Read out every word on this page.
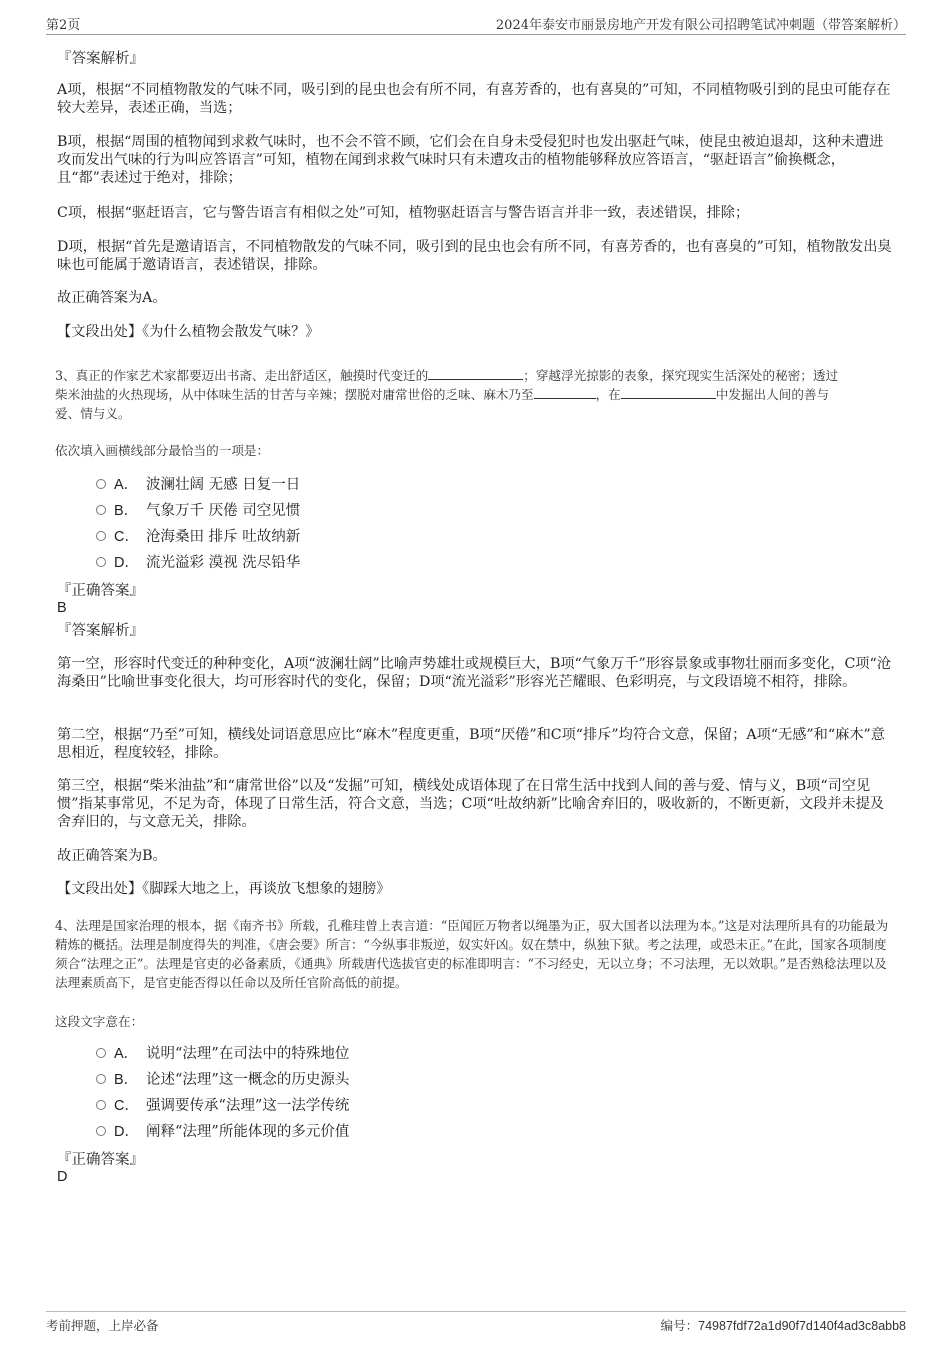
第2页	2024年泰安市丽景房地产开发有限公司招聘笔试冲刺题（带答案解析）

『答案解析』

A项，根据“不同植物散发的气味不同，吸引到的昆虫也会有所不同，有喜芳香的，也有喜臭的”可知，不同植物吸引到的昆虫可能存在较大差异，表述正确，当选；

B项，根据“周围的植物闻到求救气味时，也不会不管不顾，它们会在自身未受侵犯时也发出驱赶气味，使昆虫被迫退却，这种未遭进攻而发出气味的行为叫应答语言”可知，植物在闻到求救气味时只有未遭攻击的植物能够释放应答语言，“驱赶语言”偷换概念，且“都”表述过于绝对，排除；

C项，根据“驱赶语言，它与警告语言有相似之处”可知，植物驱赶语言与警告语言并非一致，表述错误，排除；

D项，根据“首先是邀请语言，不同植物散发的气味不同，吸引到的昆虫也会有所不同，有喜芳香的，也有喜臭的”可知，植物散发出臭味也可能属于邀请语言，表述错误，排除。

故正确答案为A。

【文段出处】《为什么植物会散发气味？》

3、真正的作家艺术家都要迈出书斋、走出舒适区，触摸时代变迁的	；穿越浮光掠影的表象，探究现实生活深处的秘密；透过
柴米油盐的火热现场，从中体味生活的甘苦与辛辣；摆脱对庸常世俗的乏味、麻木乃至	，在	中发掘出人间的善与
爱、情与义。

依次填入画横线部分最恰当的一项是：

A． 波澜壮阔 无感 日复一日
B． 气象万千 厌倦 司空见惯
C． 沧海桑田 排斥 吐故纳新
D． 流光溢彩 漠视 洗尽铅华

『正确答案』

B

『答案解析』

第一空，形容时代变迁的种种变化，A项“波澜壮阔”比喻声势雄壮或规模巨大，B项“气象万千”形容景象或事物壮丽而多变化，C项“沧海桑田”比喻世事变化很大，均可形容时代的变化，保留；D项“流光溢彩”形容光芒耀眼、色彩明亮，与文段语境不相符，排除。

第二空，根据“乃至”可知，横线处词语意思应比“麻木”程度更重，B项“厌倦”和C项“排斥”均符合文意，保留；A项“无感”和“麻木”意思相近，程度较轻，排除。

第三空，根据“柴米油盐”和“庸常世俗”以及“发掘”可知，横线处成语体现了在日常生活中找到人间的善与爱、情与义，B项“司空见惯”指某事常见，不足为奇，体现了日常生活，符合文意，当选；C项“吐故纳新”比喻舍弃旧的，吸收新的，不断更新，文段并未提及舍弃旧的，与文意无关，排除。

故正确答案为B。

【文段出处】《脚踩大地之上，再谈放飞想象的翅膀》

4、法理是国家治理的根本，据《南齐书》所载，孔稚珪曾上表言道：“臣闻匠万物者以绳墨为正，驭大国者以法理为本。”这是对法理所具有的功能最为精炼的概括。法理是制度得失的判准，《唐会要》所言：“今纵事非叛逆，奴实奸凶。奴在禁中，纵独下狱。考之法理，或恐未正。”在此，国家各项制度须合“法理之正”。法理是官吏的必备素质，《通典》所载唐代选拔官吏的标准即明言：“不习经史，无以立身；不习法理，无以效职。”是否熟稔法理以及法理素质高下，是官吏能否得以任命以及所任官阶高低的前提。

这段文字意在：

A． 说明“法理”在司法中的特殊地位
B． 论述“法理”这一概念的历史源头
C． 强调要传承“法理”这一法学传统
D． 阐释“法理”所能体现的多元价值

『正确答案』

D

考前押题，上岸必备	编号：74987fdf72a1d90f7d140f4ad3c8abb8
